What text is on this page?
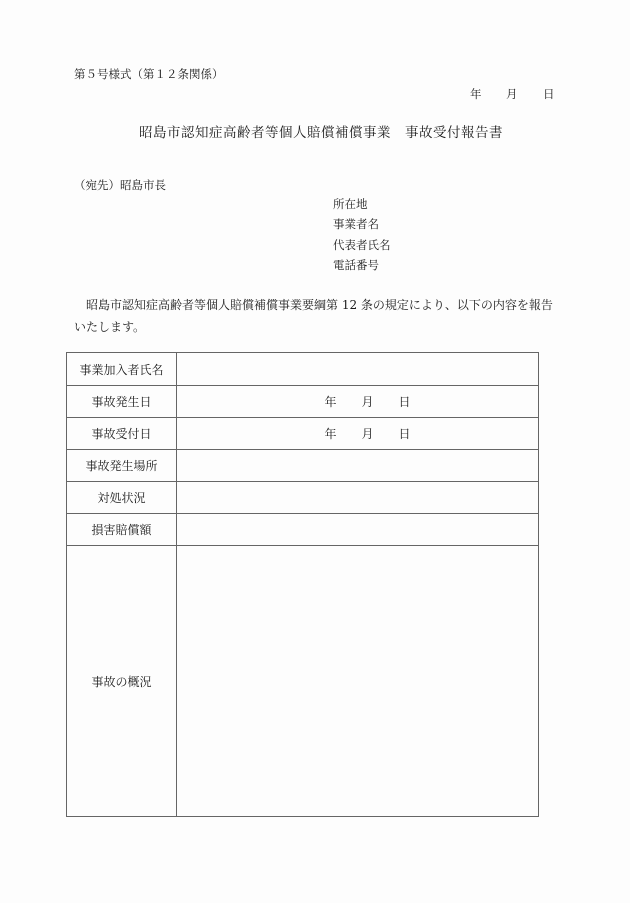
第５号様式（第１２条関係）
年 月 日
昭島市認知症高齢者等個人賠償補償事業　事故受付報告書
（宛先）昭島市長
所在地
事業者名
代表者氏名
電話番号
　昭島市認知症高齢者等個人賠償補償事業要綱第 12 条の規定により、以下の内容を報告
いたします。
事業加入者氏名	
事故発生日	年 月 日
事故受付日	年 月 日
事故発生場所	
対処状況	
損害賠償額	
事故の概況	
